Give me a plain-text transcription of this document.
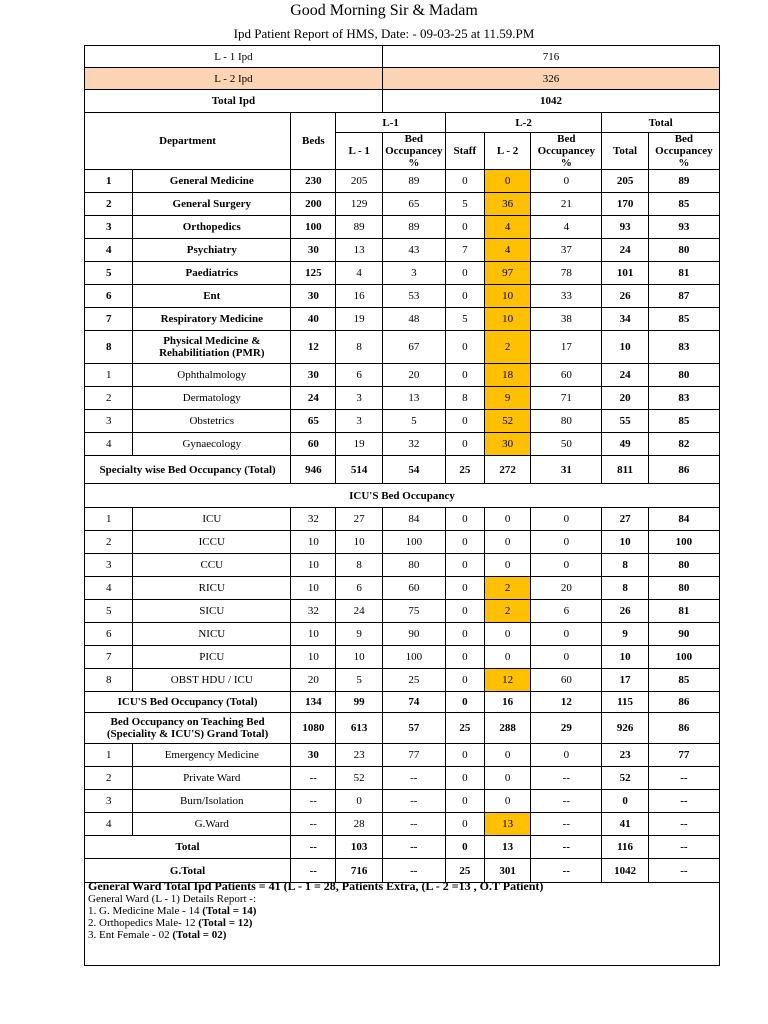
Good Morning Sir & Madam
Ipd Patient Report of HMS, Date: - 09-03-25 at 11.59.PM
L - 1 Ipd				716					
L - 2 Ipd				326					
Total Ipd				1042					
Department		Beds	L-1		L-2			Total	
			L - 1	Bed Occupancey %	Staff	L - 2	Bed Occupancey %	Total	Bed Occupancey %
1	General Medicine	230	205	89	0	0	0	205	89
2	General Surgery	200	129	65	5	36	21	170	85
3	Orthopedics	100	89	89	0	4	4	93	93
4	Psychiatry	30	13	43	7	4	37	24	80
5	Paediatrics	125	4	3	0	97	78	101	81
6	Ent	30	16	53	0	10	33	26	87
7	Respiratory Medicine	40	19	48	5	10	38	34	85
8	Physical Medicine & Rehabilitiation (PMR)	12	8	67	0	2	17	10	83
1	Ophthalmology	30	6	20	0	18	60	24	80
2	Dermatology	24	3	13	8	9	71	20	83
3	Obstetrics	65	3	5	0	52	80	55	85
4	Gynaecology	60	19	32	0	30	50	49	82
Specialty wise Bed Occupancy (Total)		946	514	54	25	272	31	811	86
ICU'S Bed Occupancy									
1	ICU	32	27	84	0	0	0	27	84
2	ICCU	10	10	100	0	0	0	10	100
3	CCU	10	8	80	0	0	0	8	80
4	RICU	10	6	60	0	2	20	8	80
5	SICU	32	24	75	0	2	6	26	81
6	NICU	10	9	90	0	0	0	9	90
7	PICU	10	10	100	0	0	0	10	100
8	OBST HDU / ICU	20	5	25	0	12	60	17	85
ICU'S Bed Occupancy (Total)		134	99	74	0	16	12	115	86
Bed Occupancy on Teaching Bed (Speciality & ICU'S) Grand Total)		1080	613	57	25	288	29	926	86
1	Emergency Medicine	30	23	77	0	0	0	23	77
2	Private Ward	--	52	--	0	0	--	52	--
3	Burn/Isolation	--	0	--	0	0	--	0	--
4	G.Ward	--	28	--	0	13	--	41	--
Total		--	103	--	0	13	--	116	--
G.Total		--	716	--	25	301	--	1042	--
General Ward Total Ipd Patients = 41 (L - 1 = 28, Patients Extra, (L - 2 =13 , O.T Patient)
General Ward (L - 1) Details Report -:
1. G. Medicine Male - 14 (Total = 14)
2. Orthopedics Male- 12 (Total = 12)
3. Ent Female - 02 (Total = 02)
